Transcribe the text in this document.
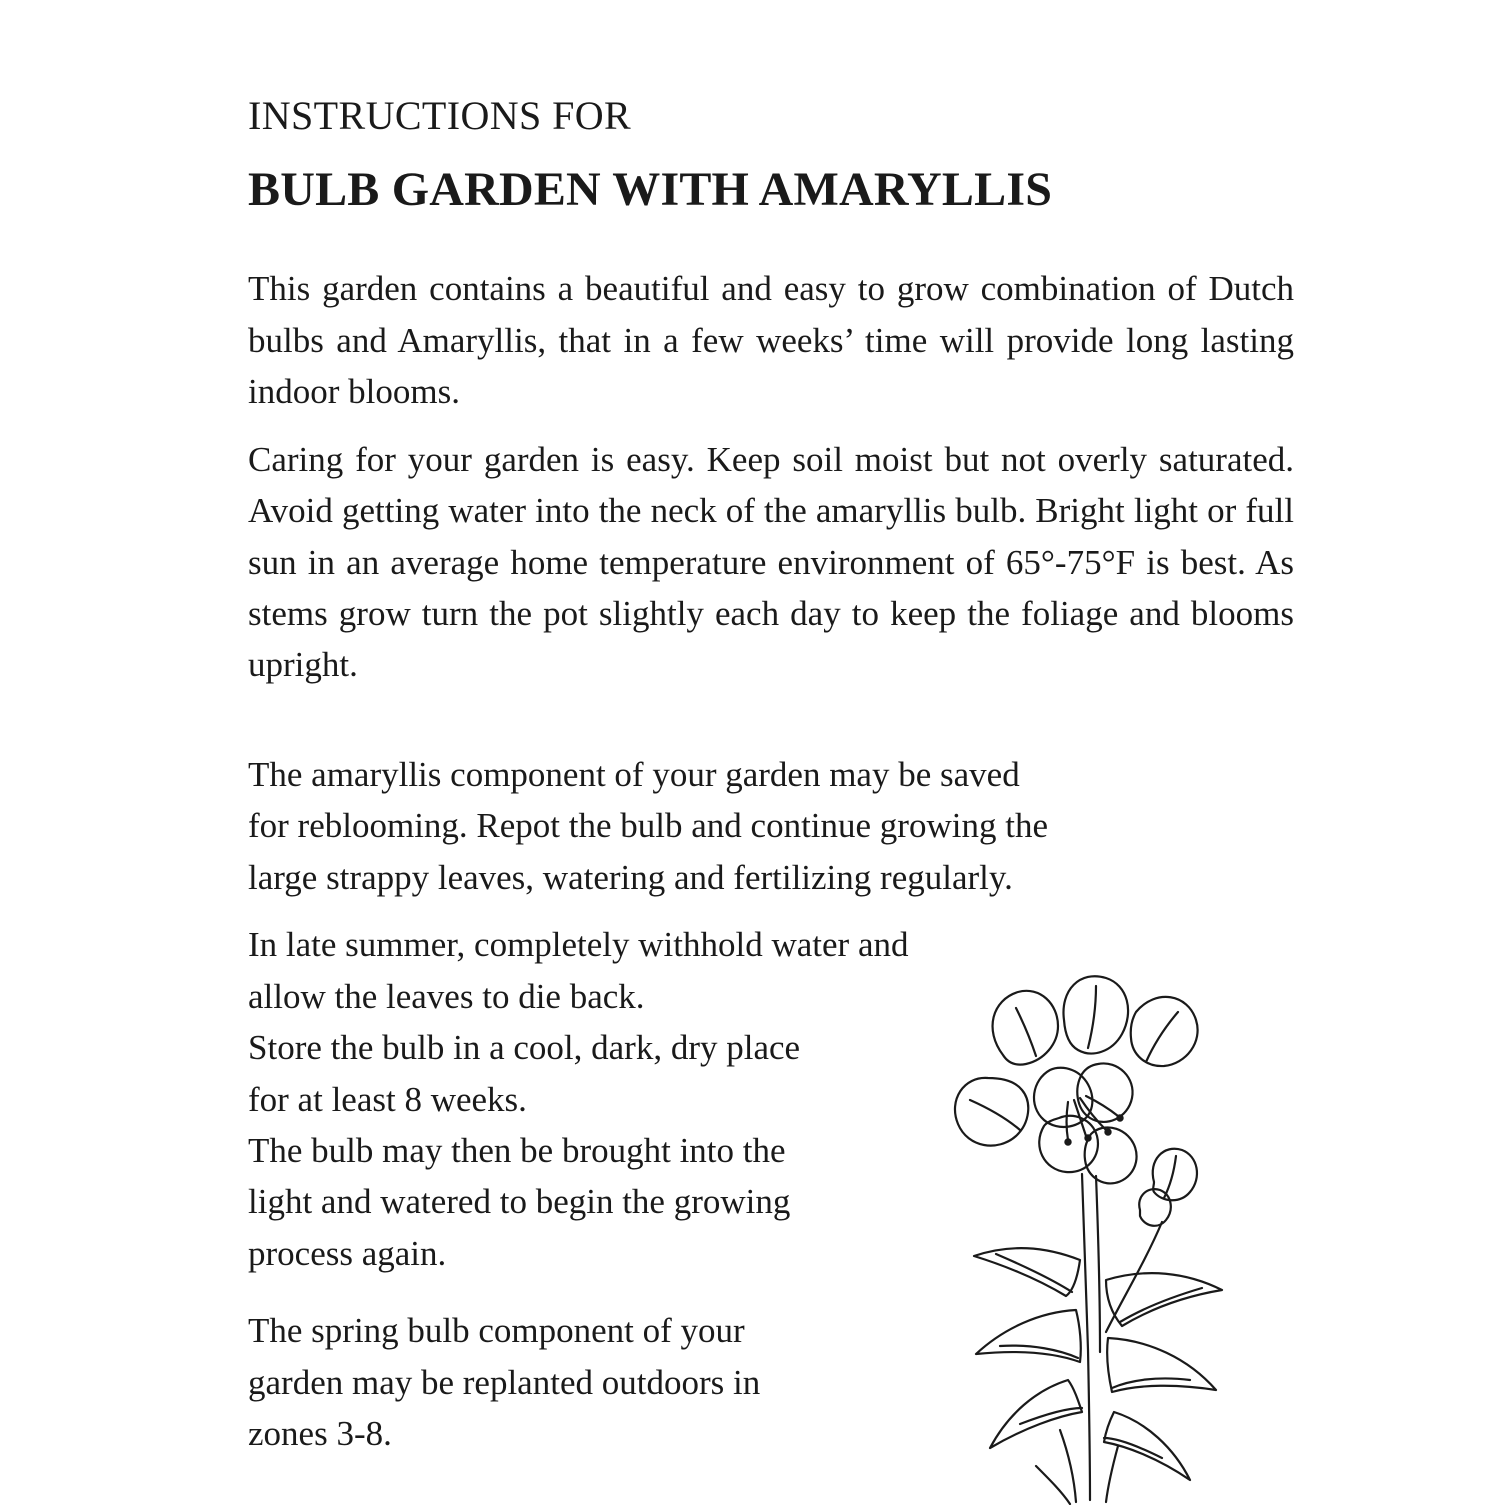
INSTRUCTIONS FOR
BULB GARDEN WITH AMARYLLIS

This garden contains a beautiful and easy to grow combination of Dutch bulbs and Amaryllis, that in a few weeks’ time will provide long lasting indoor blooms.

Caring for your garden is easy. Keep soil moist but not overly saturated. Avoid getting water into the neck of the amaryllis bulb. Bright light or full sun in an average home temperature environment of 65°-75°F is best. As stems grow turn the pot slightly each day to keep the foliage and blooms upright.

The amaryllis component of your garden may be saved for reblooming. Repot the bulb and continue growing the large strappy leaves, watering and fertilizing regularly.

In late summer, completely withhold water and

allow the leaves to die back.

Store the bulb in a cool, dark, dry place

for at least 8 weeks.

The bulb may then be brought into the

light and watered to begin the growing

process again.

The spring bulb component of your

garden may be replanted outdoors in

zones 3-8.
